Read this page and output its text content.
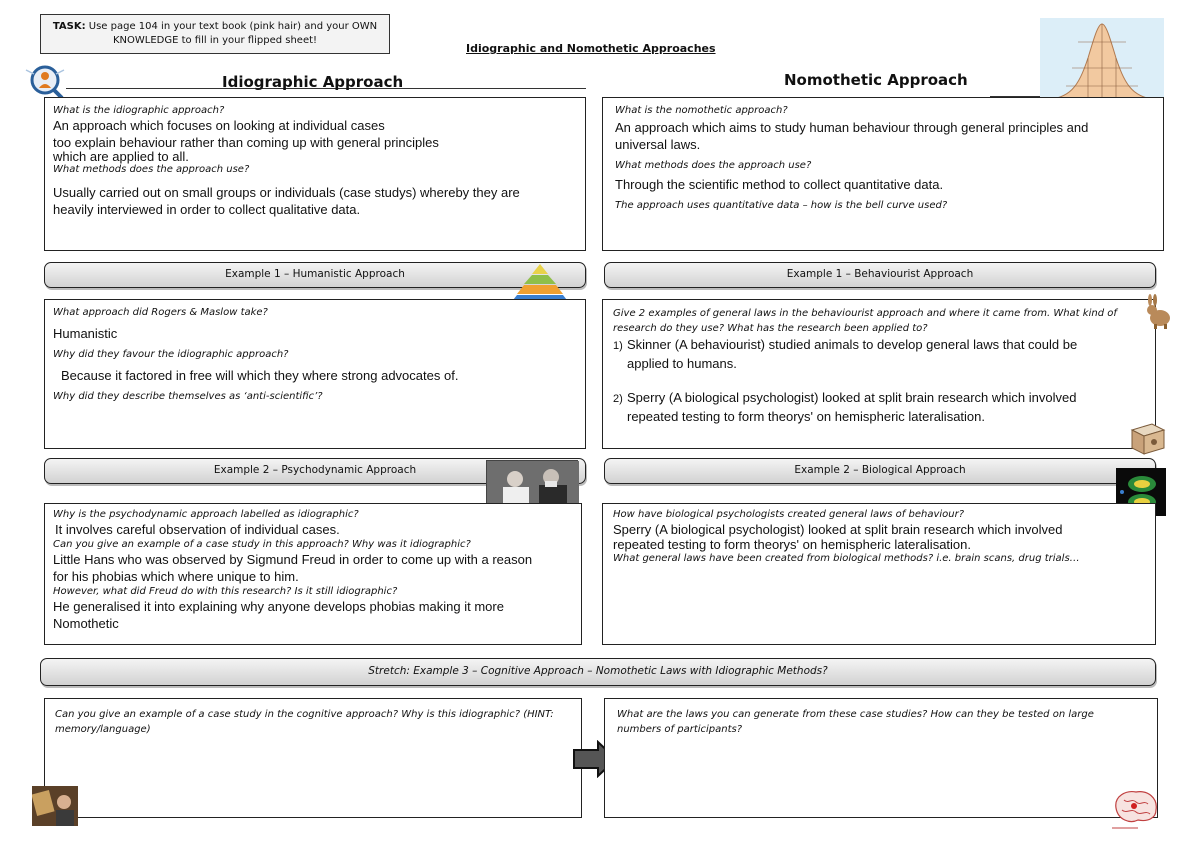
TASK: Use page 104 in your text book (pink hair) and your OWN
KNOWLEDGE to fill in your flipped sheet!
Idiographic and Nomothetic Approaches
Idiographic Approach	Nomothetic Approach
What is the idiographic approach?
An approach which focuses on looking at individual cases
too explain behaviour rather than coming up with general principles
which are applied to all.
What methods does the approach use?
Usually carried out on small groups or individuals (case studys) whereby they are
heavily interviewed in order to collect qualitative data.
What is the nomothetic approach?
An approach which aims to study human behaviour through general principles and
universal laws.
What methods does the approach use?
Through the scientific method to collect quantitative data.
The approach uses quantitative data – how is the bell curve used?
Example 1 – Humanistic Approach	Example 1 – Behaviourist Approach
What approach did Rogers & Maslow take?
Humanistic
Why did they favour the idiographic approach?
Because it factored in free will which they where strong advocates of.
Why did they describe themselves as ‘anti-scientific’?
Give 2 examples of general laws in the behaviourist approach and where it came from. What kind of
research do they use? What has the research been applied to?
1) Skinner (A behaviourist) studied animals to develop general laws that could be
applied to humans.
2) Sperry (A biological psychologist) looked at split brain research which involved
repeated testing to form theorys' on hemispheric lateralisation.
Example 2 – Psychodynamic Approach	Example 2 – Biological Approach
Why is the psychodynamic approach labelled as idiographic?
It involves careful observation of individual cases.
Can you give an example of a case study in this approach? Why was it idiographic?
Little Hans who was observed by Sigmund Freud in order to come up with a reason
for his phobias which where unique to him.
However, what did Freud do with this research? Is it still idiographic?
He generalised it into explaining why anyone develops phobias making it more
Nomothetic
How have biological psychologists created general laws of behaviour?
Sperry (A biological psychologist) looked at split brain research which involved
repeated testing to form theorys' on hemispheric lateralisation.
What general laws have been created from biological methods? i.e. brain scans, drug trials…
Stretch: Example 3 – Cognitive Approach – Nomothetic Laws with Idiographic Methods?
Can you give an example of a case study in the cognitive approach? Why is this idiographic? (HINT:
memory/language)
What are the laws you can generate from these case studies? How can they be tested on large
numbers of participants?
